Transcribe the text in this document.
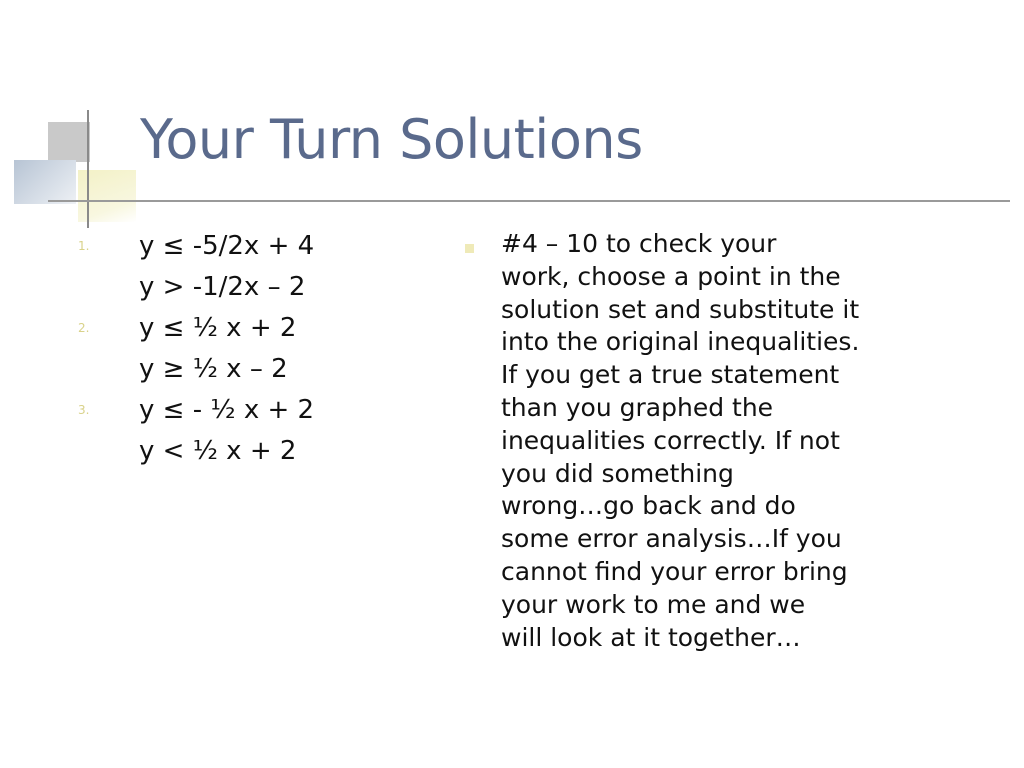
Your Turn Solutions
1. y ≤ -5/2x + 4
y > -1/2x – 2
2. y ≤ ½ x + 2
y ≥ ½ x – 2
3. y ≤ - ½ x + 2
y < ½ x + 2
#4 – 10 to check your
work, choose a point in the
solution set and substitute it
into the original inequalities.
If you get a true statement
than you graphed the
inequalities correctly. If not
you did something
wrong…go back and do
some error analysis…If you
cannot find your error bring
your work to me and we
will look at it together…
